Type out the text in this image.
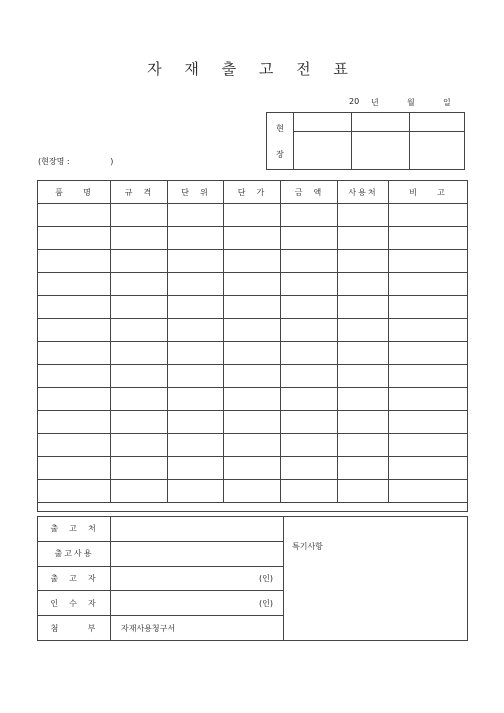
자 재 출 고 전 표
20 년	월	일
(현장명 :                )
현
장
품    명	규  격	단  위	단  가	금  액	사용처	비    고

출  고  처		특기사항
출고사용		
출  고  자	(인)	
인  수  자	(인)	
첨      부	자재사용청구서	
